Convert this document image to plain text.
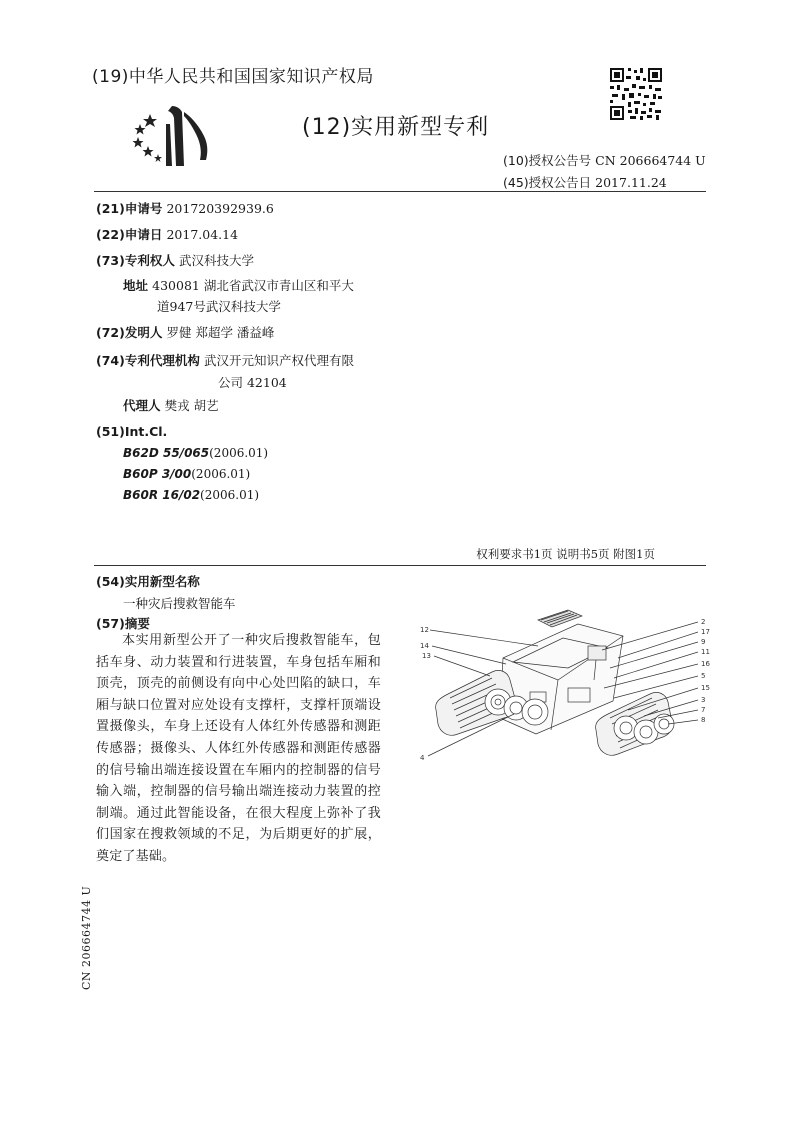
(19)中华人民共和国国家知识产权局
(12)实用新型专利
(10)授权公告号 CN 206664744 U
(45)授权公告日 2017.11.24
(21)申请号 201720392939.6
(22)申请日 2017.04.14
(73)专利权人 武汉科技大学
地址 430081 湖北省武汉市青山区和平大
道947号武汉科技大学
(72)发明人 罗健 郑超学 潘益峰
(74)专利代理机构 武汉开元知识产权代理有限
公司 42104
代理人 樊戎 胡艺
(51)Int.Cl.
B62D 55/065(2006.01)
B60P 3/00(2006.01)
B60R 16/02(2006.01)
权利要求书1页 说明书5页 附图1页
(54)实用新型名称
一种灾后搜救智能车
(57)摘要
本实用新型公开了一种灾后搜救智能车，包括车身、动力装置和行进装置，车身包括车厢和顶壳，顶壳的前侧设有向中心处凹陷的缺口，车厢与缺口位置对应处设有支撑杆，支撑杆顶端设置摄像头，车身上还设有人体红外传感器和测距传感器；摄像头、人体红外传感器和测距传感器的信号输出端连接设置在车厢内的控制器的信号输入端，控制器的信号输出端连接动力装置的控制端。通过此智能设备，在很大程度上弥补了我们国家在搜救领域的不足，为后期更好的扩展，奠定了基础。
12
14
13
2
17
9
11
16
5
15
3
7
8
4
CN 206664744 U
